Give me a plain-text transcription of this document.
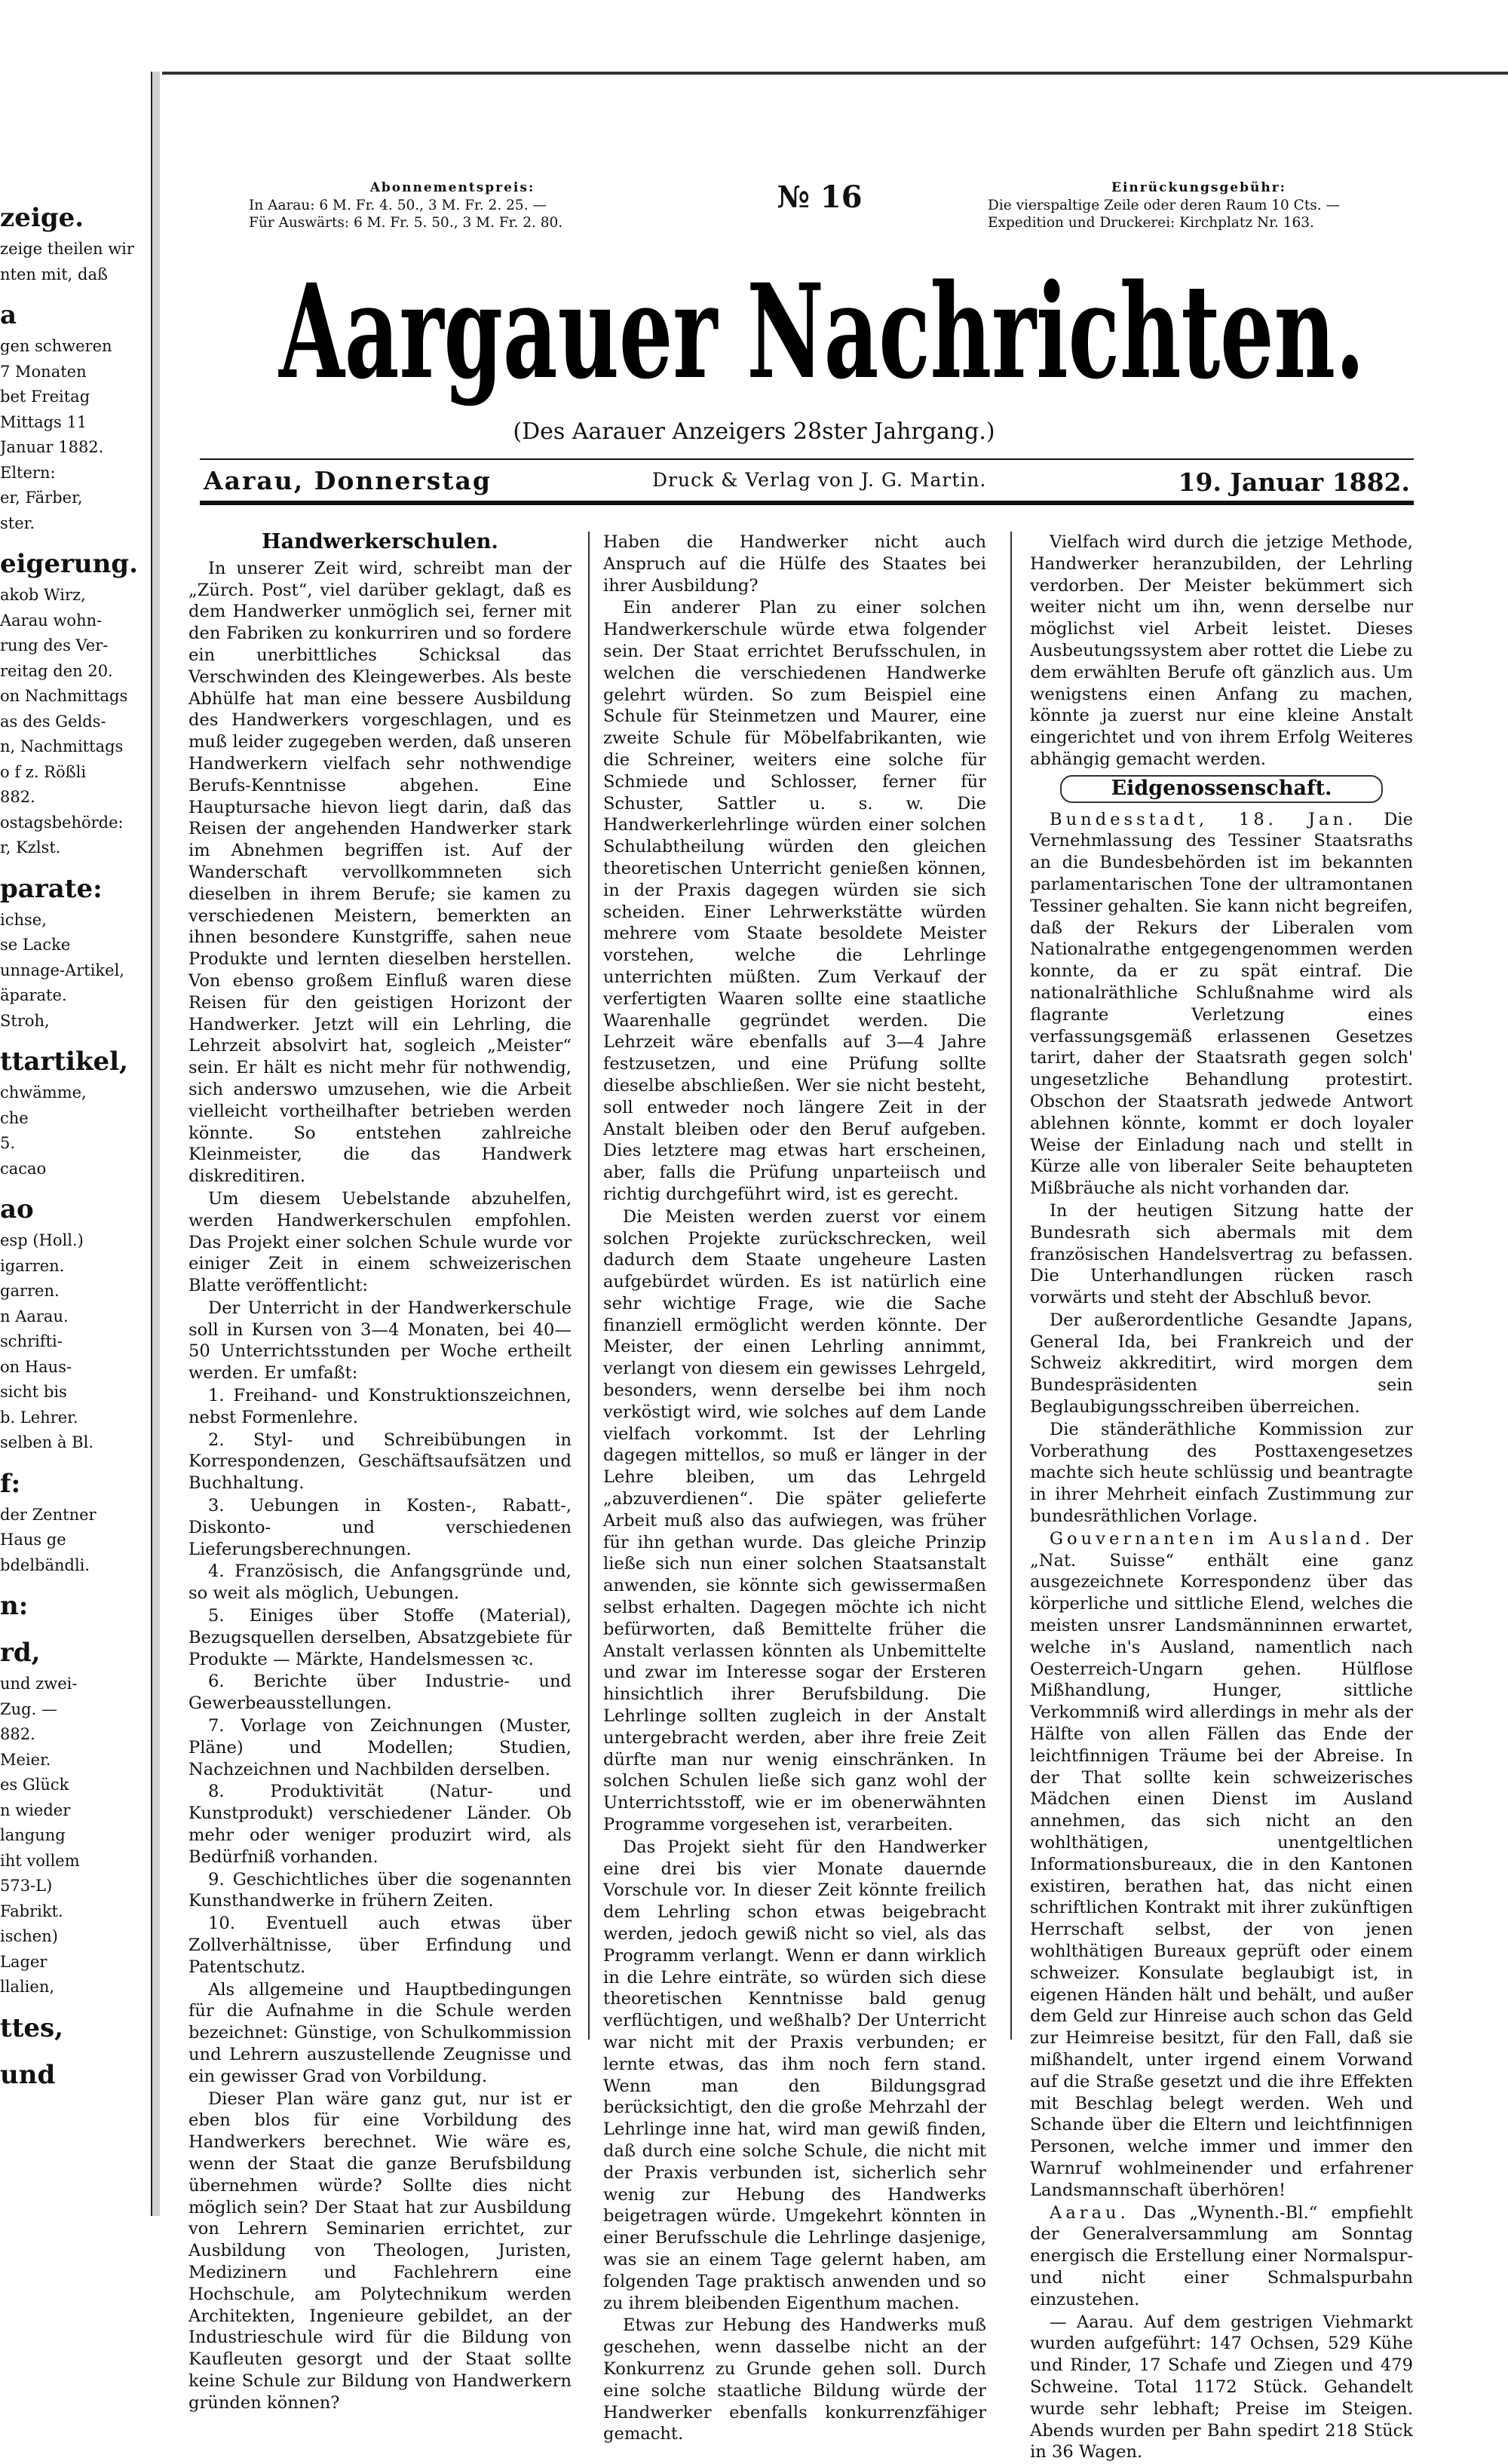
zeige.
zeige theilen wir
nten mit, daß
a
gen schweren
7 Monaten
bet Freitag
Mittags 11
Januar 1882.
Eltern:
er, Färber,
ster.
eigerung.
akob Wirz,
Aarau wohn-
rung des Ver-
reitag den 20.
on Nachmittags
as des Gelds-
n, Nachmittags
o f z. Rößli
882.
ostagsbehörde:
r, Kzlst.
parate:
ichse,
se Lacke
unnage-Artikel,
äparate.
Stroh,
ttartikel,
chwämme,
che
5.
cacao
ao
esp (Holl.)
igarren.
garren.
n Aarau.
schrifti-
on Haus-
sicht bis
b. Lehrer.
selben à Bl.
f:
der Zentner
Haus ge
bdelbändli.
n:
rd,
und zwei-
Zug. —
882.
Meier.
es Glück
n wieder
langung
iht vollem
573-L)
Fabrikt.
ischen)
Lager
llalien,
ttes,
und
Abonnementspreis:
In Aarau: 6 M. Fr. 4. 50., 3 M. Fr. 2. 25. —
Für Auswärts: 6 M. Fr. 5. 50., 3 M. Fr. 2. 80.
№ 16	Einrückungsgebühr:
Die vierspaltige Zeile oder deren Raum 10 Cts. —
Expedition und Druckerei: Kirchplatz Nr. 163.
Aargauer Nachrichten.
(Des Aarauer Anzeigers 28ster Jahrgang.)
Aarau, Donnerstag	Druck & Verlag von J. G. Martin.	19. Januar 1882.

Handwerkerschulen.

In unserer Zeit wird, schreibt man der „Zürch. Post“, viel darüber geklagt, daß es dem Handwerker unmöglich sei, ferner mit den Fabriken zu konkurriren und so fordere ein unerbittliches Schicksal das Verschwinden des Kleingewerbes. Als beste Abhülfe hat man eine bessere Ausbildung des Handwerkers vorgeschlagen, und es muß leider zugegeben werden, daß unseren Handwerkern vielfach sehr nothwendige Berufs-Kenntnisse abgehen. Eine Hauptursache hievon liegt darin, daß das Reisen der angehenden Handwerker stark im Abnehmen begriffen ist. Auf der Wanderschaft vervollkommneten sich dieselben in ihrem Berufe; sie kamen zu verschiedenen Meistern, bemerkten an ihnen besondere Kunstgriffe, sahen neue Produkte und lernten dieselben herstellen. Von ebenso großem Einfluß waren diese Reisen für den geistigen Horizont der Handwerker. Jetzt will ein Lehrling, die Lehrzeit absolvirt hat, sogleich „Meister“ sein. Er hält es nicht mehr für nothwendig, sich anderswo umzusehen, wie die Arbeit vielleicht vortheilhafter betrieben werden könnte. So entstehen zahlreiche Kleinmeister, die das Handwerk diskreditiren.

Um diesem Uebelstande abzuhelfen, werden Handwerkerschulen empfohlen. Das Projekt einer solchen Schule wurde vor einiger Zeit in einem schweizerischen Blatte veröffentlicht:

Der Unterricht in der Handwerkerschule soll in Kursen von 3—4 Monaten, bei 40—50 Unterrichtsstunden per Woche ertheilt werden. Er umfaßt:

1. Freihand- und Konstruktionszeichnen, nebst Formenlehre.

2. Styl- und Schreibübungen in Korrespondenzen, Geschäftsaufsätzen und Buchhaltung.

3. Uebungen in Kosten-, Rabatt-, Diskonto- und verschiedenen Lieferungsberechnungen.

4. Französisch, die Anfangsgründe und, so weit als möglich, Uebungen.

5. Einiges über Stoffe (Material), Bezugsquellen derselben, Absatzgebiete für Produkte — Märkte, Handelsmessen ꝛc.

6. Berichte über Industrie- und Gewerbeausstellungen.

7. Vorlage von Zeichnungen (Muster, Pläne) und Modellen; Studien, Nachzeichnen und Nachbilden derselben.

8. Produktivität (Natur- und Kunstprodukt) verschiedener Länder. Ob mehr oder weniger produzirt wird, als Bedürfniß vorhanden.

9. Geschichtliches über die sogenannten Kunsthandwerke in frühern Zeiten.

10. Eventuell auch etwas über Zollverhältnisse, über Erfindung und Patentschutz.

Als allgemeine und Hauptbedingungen für die Aufnahme in die Schule werden bezeichnet: Günstige, von Schulkommission und Lehrern auszustellende Zeugnisse und ein gewisser Grad von Vorbildung.

Dieser Plan wäre ganz gut, nur ist er eben blos für eine Vorbildung des Handwerkers berechnet. Wie wäre es, wenn der Staat die ganze Berufsbildung übernehmen würde? Sollte dies nicht möglich sein? Der Staat hat zur Ausbildung von Lehrern Seminarien errichtet, zur Ausbildung von Theologen, Juristen, Medizinern und Fachlehrern eine Hochschule, am Polytechnikum werden Architekten, Ingenieure gebildet, an der Industrieschule wird für die Bildung von Kaufleuten gesorgt und der Staat sollte keine Schule zur Bildung von Handwerkern gründen können?

Haben die Handwerker nicht auch Anspruch auf die Hülfe des Staates bei ihrer Ausbildung?

Ein anderer Plan zu einer solchen Handwerkerschule würde etwa folgender sein. Der Staat errichtet Berufsschulen, in welchen die verschiedenen Handwerke gelehrt würden. So zum Beispiel eine Schule für Steinmetzen und Maurer, eine zweite Schule für Möbelfabrikanten, wie die Schreiner, weiters eine solche für Schmiede und Schlosser, ferner für Schuster, Sattler u. s. w. Die Handwerkerlehrlinge würden einer solchen Schulabtheilung würden den gleichen theoretischen Unterricht genießen können, in der Praxis dagegen würden sie sich scheiden. Einer Lehrwerkstätte würden mehrere vom Staate besoldete Meister vorstehen, welche die Lehrlinge unterrichten müßten. Zum Verkauf der verfertigten Waaren sollte eine staatliche Waarenhalle gegründet werden. Die Lehrzeit wäre ebenfalls auf 3—4 Jahre festzusetzen, und eine Prüfung sollte dieselbe abschließen. Wer sie nicht besteht, soll entweder noch längere Zeit in der Anstalt bleiben oder den Beruf aufgeben. Dies letztere mag etwas hart erscheinen, aber, falls die Prüfung unparteiisch und richtig durchgeführt wird, ist es gerecht.

Die Meisten werden zuerst vor einem solchen Projekte zurückschrecken, weil dadurch dem Staate ungeheure Lasten aufgebürdet würden. Es ist natürlich eine sehr wichtige Frage, wie die Sache finanziell ermöglicht werden könnte. Der Meister, der einen Lehrling annimmt, verlangt von diesem ein gewisses Lehrgeld, besonders, wenn derselbe bei ihm noch verköstigt wird, wie solches auf dem Lande vielfach vorkommt. Ist der Lehrling dagegen mittellos, so muß er länger in der Lehre bleiben, um das Lehrgeld „abzuverdienen“. Die später gelieferte Arbeit muß also das aufwiegen, was früher für ihn gethan wurde. Das gleiche Prinzip ließe sich nun einer solchen Staatsanstalt anwenden, sie könnte sich gewissermaßen selbst erhalten. Dagegen möchte ich nicht befürworten, daß Bemittelte früher die Anstalt verlassen könnten als Unbemittelte und zwar im Interesse sogar der Ersteren hinsichtlich ihrer Berufsbildung. Die Lehrlinge sollten zugleich in der Anstalt untergebracht werden, aber ihre freie Zeit dürfte man nur wenig einschränken. In solchen Schulen ließe sich ganz wohl der Unterrichtsstoff, wie er im obenerwähnten Programme vorgesehen ist, verarbeiten.

Das Projekt sieht für den Handwerker eine drei bis vier Monate dauernde Vorschule vor. In dieser Zeit könnte freilich dem Lehrling schon etwas beigebracht werden, jedoch gewiß nicht so viel, als das Programm verlangt. Wenn er dann wirklich in die Lehre einträte, so würden sich diese theoretischen Kenntnisse bald genug verflüchtigen, und weßhalb? Der Unterricht war nicht mit der Praxis verbunden; er lernte etwas, das ihm noch fern stand. Wenn man den Bildungsgrad berücksichtigt, den die große Mehrzahl der Lehrlinge inne hat, wird man gewiß finden, daß durch eine solche Schule, die nicht mit der Praxis verbunden ist, sicherlich sehr wenig zur Hebung des Handwerks beigetragen würde. Umgekehrt könnten in einer Berufsschule die Lehrlinge dasjenige, was sie an einem Tage gelernt haben, am folgenden Tage praktisch anwenden und so zu ihrem bleibenden Eigenthum machen.

Etwas zur Hebung des Handwerks muß geschehen, wenn dasselbe nicht an der Konkurrenz zu Grunde gehen soll. Durch eine solche staatliche Bildung würde der Handwerker ebenfalls konkurrenzfähiger gemacht.

Vielfach wird durch die jetzige Methode, Handwerker heranzubilden, der Lehrling verdorben. Der Meister bekümmert sich weiter nicht um ihn, wenn derselbe nur möglichst viel Arbeit leistet. Dieses Ausbeutungssystem aber rottet die Liebe zu dem erwählten Berufe oft gänzlich aus. Um wenigstens einen Anfang zu machen, könnte ja zuerst nur eine kleine Anstalt eingerichtet und von ihrem Erfolg Weiteres abhängig gemacht werden.

Eidgenossenschaft.

Bundesstadt, 18. Jan. Die Vernehmlassung des Tessiner Staatsraths an die Bundesbehörden ist im bekannten parlamentarischen Tone der ultramontanen Tessiner gehalten. Sie kann nicht begreifen, daß der Rekurs der Liberalen vom Nationalrathe entgegengenommen werden konnte, da er zu spät eintraf. Die nationalräthliche Schlußnahme wird als flagrante Verletzung eines verfassungsgemäß erlassenen Gesetzes tarirt, daher der Staatsrath gegen solch' ungesetzliche Behandlung protestirt. Obschon der Staatsrath jedwede Antwort ablehnen könnte, kommt er doch loyaler Weise der Einladung nach und stellt in Kürze alle von liberaler Seite behaupteten Mißbräuche als nicht vorhanden dar.

In der heutigen Sitzung hatte der Bundesrath sich abermals mit dem französischen Handelsvertrag zu befassen. Die Unterhandlungen rücken rasch vorwärts und steht der Abschluß bevor.

Der außerordentliche Gesandte Japans, General Ida, bei Frankreich und der Schweiz akkreditirt, wird morgen dem Bundespräsidenten sein Beglaubigungsschreiben überreichen.

Die ständeräthliche Kommission zur Vorberathung des Posttaxengesetzes machte sich heute schlüssig und beantragte in ihrer Mehrheit einfach Zustimmung zur bundesräthlichen Vorlage.

Gouvernanten im Ausland. Der „Nat. Suisse“ enthält eine ganz ausgezeichnete Korrespondenz über das körperliche und sittliche Elend, welches die meisten unsrer Landsmänninnen erwartet, welche in's Ausland, namentlich nach Oesterreich-Ungarn gehen. Hülflose Mißhandlung, Hunger, sittliche Verkommniß wird allerdings in mehr als der Hälfte von allen Fällen das Ende der leichtfinnigen Träume bei der Abreise. In der That sollte kein schweizerisches Mädchen einen Dienst im Ausland annehmen, das sich nicht an den wohlthätigen, unentgeltlichen Informationsbureaux, die in den Kantonen existiren, berathen hat, das nicht einen schriftlichen Kontrakt mit ihrer zukünftigen Herrschaft selbst, der von jenen wohlthätigen Bureaux geprüft oder einem schweizer. Konsulate beglaubigt ist, in eigenen Händen hält und behält, und außer dem Geld zur Hinreise auch schon das Geld zur Heimreise besitzt, für den Fall, daß sie mißhandelt, unter irgend einem Vorwand auf die Straße gesetzt und die ihre Effekten mit Beschlag belegt werden. Weh und Schande über die Eltern und leichtfinnigen Personen, welche immer und immer den Warnruf wohlmeinender und erfahrener Landsmannschaft überhören!

Aarau. Das „Wynenth.-Bl.“ empfiehlt der Generalversammlung am Sonntag energisch die Erstellung einer Normalspur- und nicht einer Schmalspurbahn einzustehen.

— Aarau. Auf dem gestrigen Viehmarkt wurden aufgeführt: 147 Ochsen, 529 Kühe und Rinder, 17 Schafe und Ziegen und 479 Schweine. Total 1172 Stück. Gehandelt wurde sehr lebhaft; Preise im Steigen. Abends wurden per Bahn spedirt 218 Stück in 36 Wagen.
